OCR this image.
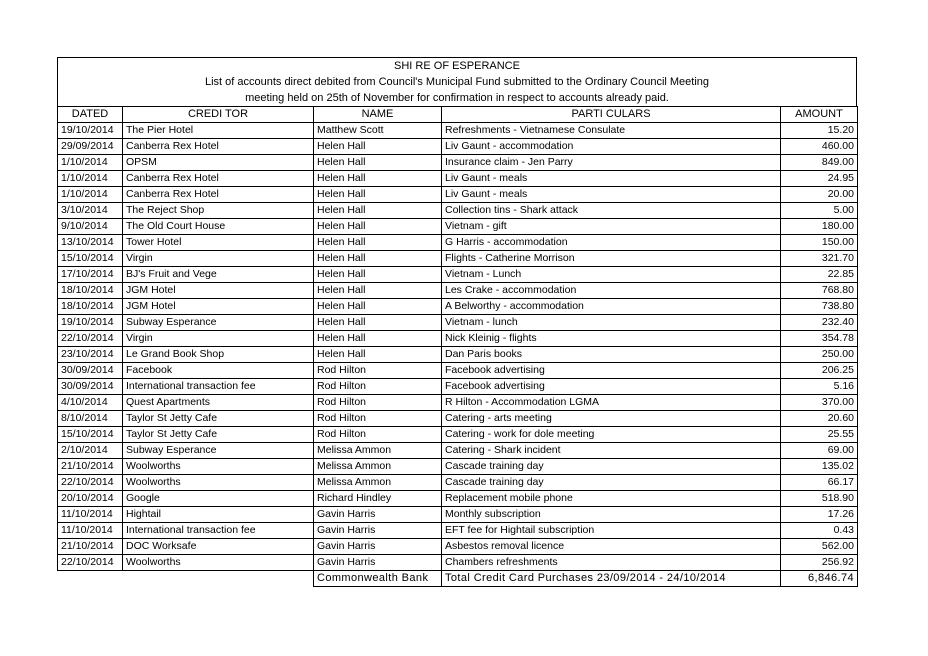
SHI RE OF ESPERANCE
List of accounts direct debited from Council's Municipal Fund submitted to the Ordinary Council Meeting
meeting held on 25th of November for confirmation in respect to accounts already paid.
DATED	CREDI TOR	NAME	PARTI CULARS	AMOUNT
19/10/2014	The Pier Hotel	Matthew Scott	Refreshments - Vietnamese Consulate	15.20
29/09/2014	Canberra Rex Hotel	Helen Hall	Liv Gaunt - accommodation	460.00
1/10/2014	OPSM	Helen Hall	Insurance claim - Jen Parry	849.00
1/10/2014	Canberra Rex Hotel	Helen Hall	Liv Gaunt - meals	24.95
1/10/2014	Canberra Rex Hotel	Helen Hall	Liv Gaunt - meals	20.00
3/10/2014	The Reject Shop	Helen Hall	Collection tins - Shark attack	5.00
9/10/2014	The Old Court House	Helen Hall	Vietnam - gift	180.00
13/10/2014	Tower Hotel	Helen Hall	G Harris - accommodation	150.00
15/10/2014	Virgin	Helen Hall	Flights - Catherine Morrison	321.70
17/10/2014	BJ's Fruit and Vege	Helen Hall	Vietnam - Lunch	22.85
18/10/2014	JGM Hotel	Helen Hall	Les Crake - accommodation	768.80
18/10/2014	JGM Hotel	Helen Hall	A Belworthy - accommodation	738.80
19/10/2014	Subway Esperance	Helen Hall	Vietnam - lunch	232.40
22/10/2014	Virgin	Helen Hall	Nick Kleinig - flights	354.78
23/10/2014	Le Grand Book Shop	Helen Hall	Dan Paris books	250.00
30/09/2014	Facebook	Rod Hilton	Facebook advertising	206.25
30/09/2014	International transaction fee	Rod Hilton	Facebook advertising	5.16
4/10/2014	Quest Apartments	Rod Hilton	R Hilton - Accommodation LGMA	370.00
8/10/2014	Taylor St Jetty Cafe	Rod Hilton	Catering - arts meeting	20.60
15/10/2014	Taylor St Jetty Cafe	Rod Hilton	Catering - work for dole meeting	25.55
2/10/2014	Subway Esperance	Melissa Ammon	Catering - Shark incident	69.00
21/10/2014	Woolworths	Melissa Ammon	Cascade training day	135.02
22/10/2014	Woolworths	Melissa Ammon	Cascade training day	66.17
20/10/2014	Google	Richard Hindley	Replacement mobile phone	518.90
11/10/2014	Hightail	Gavin Harris	Monthly subscription	17.26
11/10/2014	International transaction fee	Gavin Harris	EFT fee for Hightail subscription	0.43
21/10/2014	DOC Worksafe	Gavin Harris	Asbestos removal licence	562.00
22/10/2014	Woolworths	Gavin Harris	Chambers refreshments	256.92
		Commonwealth Bank	Total Credit Card Purchases 23/09/2014 - 24/10/2014	6,846.74
